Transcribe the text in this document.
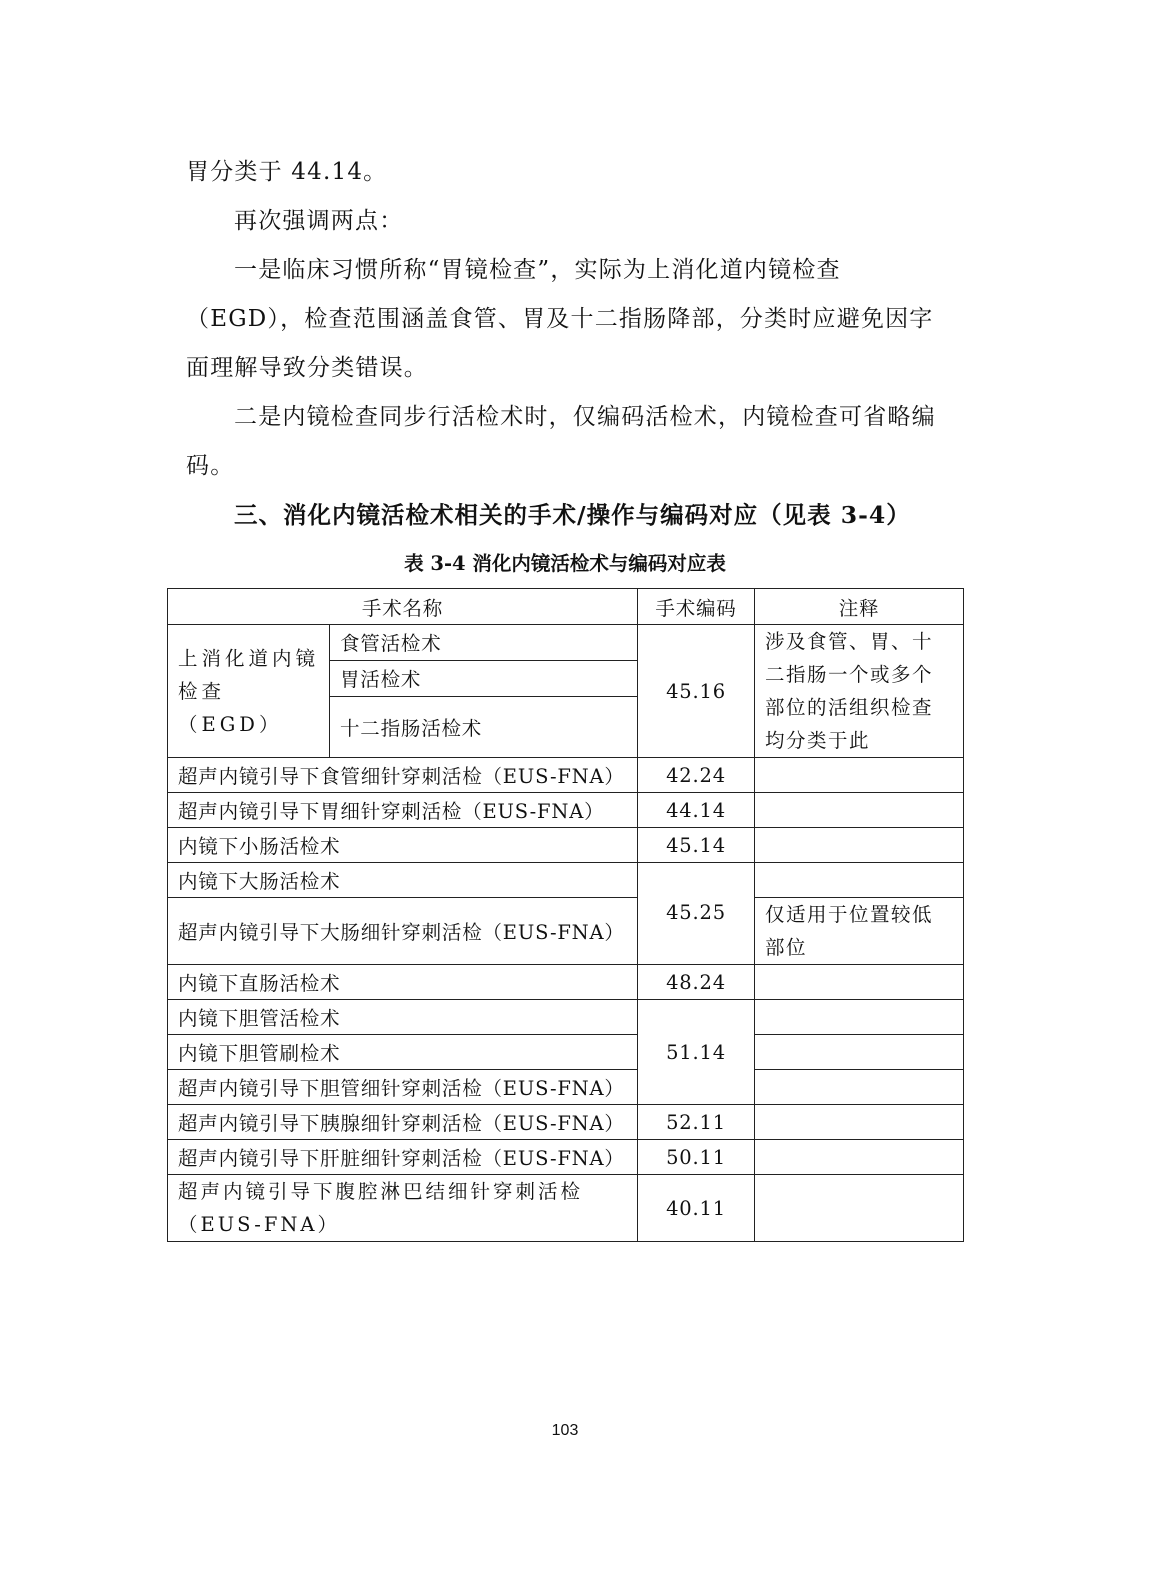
胃分类于 44.14。

再次强调两点：

一是临床习惯所称“胃镜检查”，实际为上消化道内镜检查（EGD），检查范围涵盖食管、胃及十二指肠降部，分类时应避免因字面理解导致分类错误。

二是内镜检查同步行活检术时，仅编码活检术，内镜检查可省略编码。

三、消化内镜活检术相关的手术/操作与编码对应（见表 3-4）

表 3-4 消化内镜活检术与编码对应表

手术名称		手术编码	注释
上消化道内镜检查（EGD）	食管活检术	45.16	涉及食管、胃、十二指肠一个或多个部位的活组织检查均分类于此
	胃活检术		
	十二指肠活检术		
超声内镜引导下食管细针穿刺活检（EUS-FNA）		42.24	
超声内镜引导下胃细针穿刺活检（EUS-FNA）		44.14	
内镜下小肠活检术		45.14	
内镜下大肠活检术		45.25	
超声内镜引导下大肠细针穿刺活检（EUS-FNA）			仅适用于位置较低部位
内镜下直肠活检术		48.24	
内镜下胆管活检术		51.14	
内镜下胆管刷检术			
超声内镜引导下胆管细针穿刺活检（EUS-FNA）			
超声内镜引导下胰腺细针穿刺活检（EUS-FNA）		52.11	
超声内镜引导下肝脏细针穿刺活检（EUS-FNA）		50.11	
超声内镜引导下腹腔淋巴结细针穿刺活检（EUS-FNA）		40.11	

103
